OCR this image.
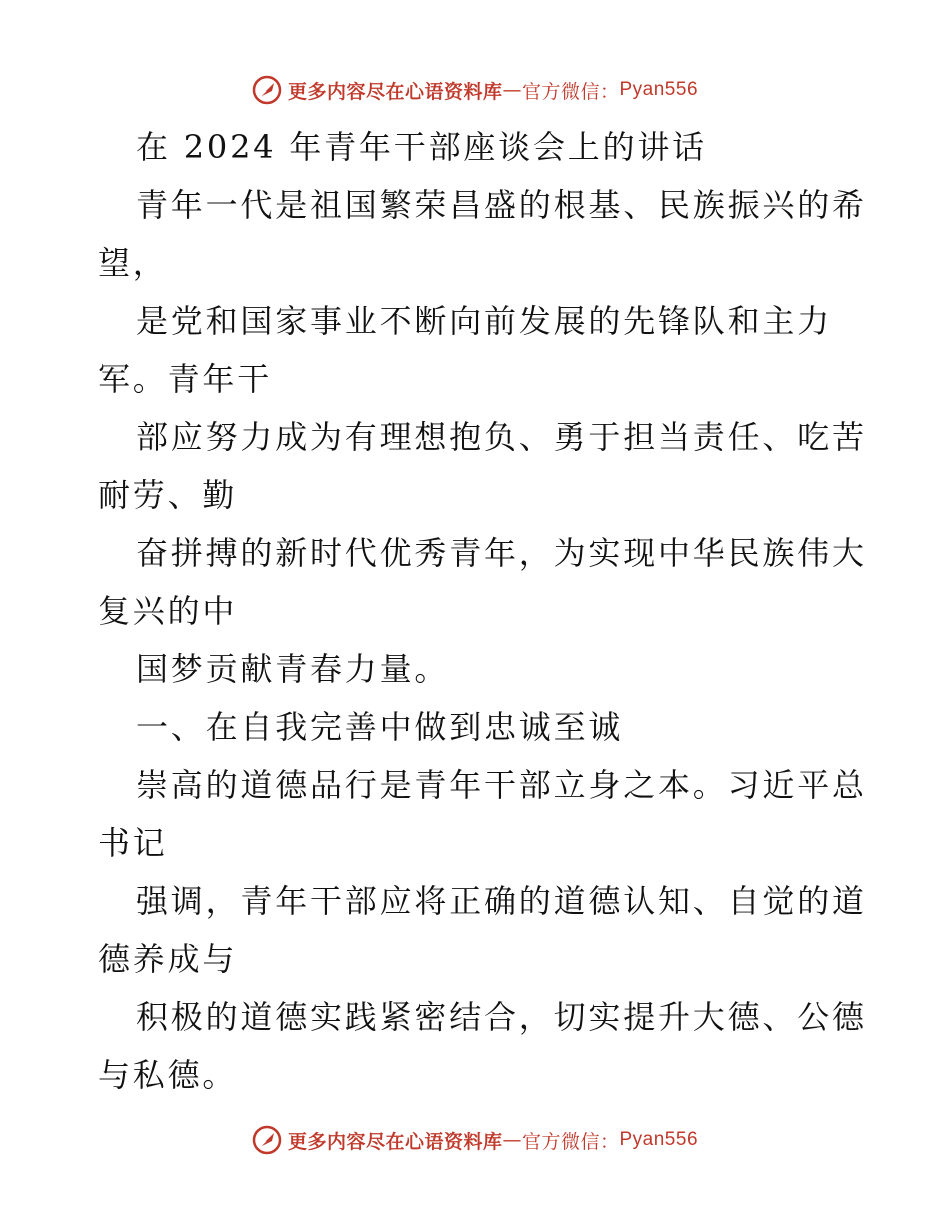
更多内容尽在心语资料库 — 官方微信： Pyan556
在 2024 年青年干部座谈会上的讲话
青年一代是祖国繁荣昌盛的根基、民族振兴的希
望，
是党和国家事业不断向前发展的先锋队和主力
军。青年干
部应努力成为有理想抱负、勇于担当责任、吃苦
耐劳、勤
奋拼搏的新时代优秀青年，为实现中华民族伟大
复兴的中
国梦贡献青春力量。
一、在自我完善中做到忠诚至诚
崇高的道德品行是青年干部立身之本。习近平总
书记
强调，青年干部应将正确的道德认知、自觉的道
德养成与
积极的道德实践紧密结合，切实提升大德、公德
与私德。
更多内容尽在心语资料库 — 官方微信： Pyan556
